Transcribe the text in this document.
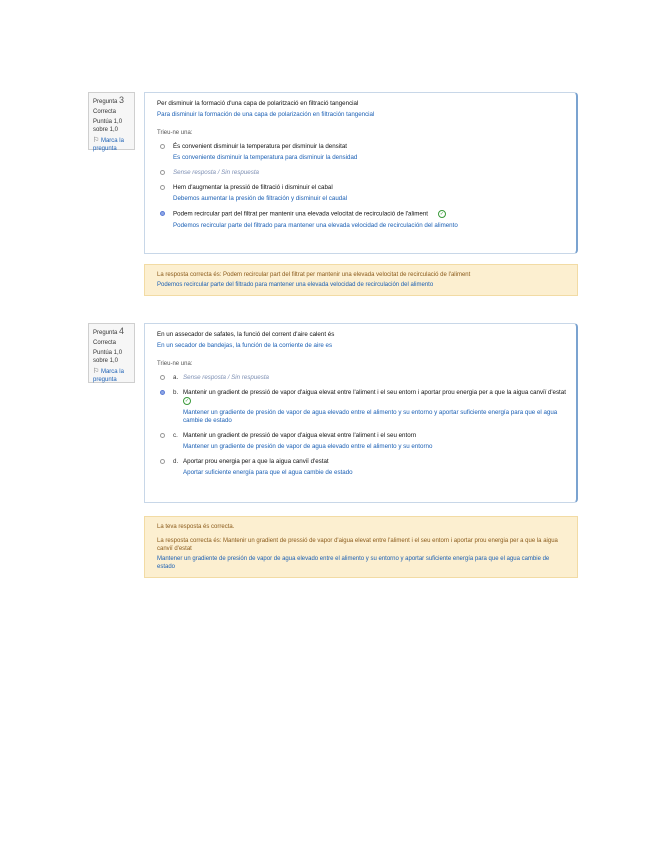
Pregunta 3
Correcta
Puntúa 1,0 sobre 1,0
⚐ Marca la pregunta
Per disminuir la formació d'una capa de polarització en filtració tangencial
Para disminuir la formación de una capa de polarización en filtración tangencial
Trieu-ne una:
És convenient disminuir la temperatura per disminuir la densitat
Es conveniente disminuir la temperatura para disminuir la densidad
Sense resposta / Sin respuesta
Hem d'augmentar la pressió de filtració i disminuir el cabal
Debemos aumentar la presión de filtración y disminuir el caudal
Podem recircular part del filtrat per mantenir una elevada velocitat de recirculació de l'aliment ✓
Podemos recircular parte del filtrado para mantener una elevada velocidad de recirculación del alimento
La resposta correcta és: Podem recircular part del filtrat per mantenir una elevada velocitat de recirculació de l'aliment
Podemos recircular parte del filtrado para mantener una elevada velocidad de recirculación del alimento
Pregunta 4
Correcta
Puntúa 1,0 sobre 1,0
⚐ Marca la pregunta
En un assecador de safates, la funció del corrent d'aire calent és
En un secador de bandejas, la función de la corriente de aire es
Trieu-ne una:
a. Sense resposta / Sin respuesta
b. Mantenir un gradient de pressió de vapor d'aigua elevat entre l'aliment i el seu entorn i aportar prou energia per a que la aigua canviï d'estat✓
Mantener un gradiente de presión de vapor de agua elevado entre el alimento y su entorno y aportar suficiente energía para que el agua cambie de estado
c. Mantenir un gradient de pressió de vapor d'aigua elevat entre l'aliment i el seu entorn
Mantener un gradiente de presión de vapor de agua elevado entre el alimento y su entorno
d. Aportar prou energia per a que la aigua canviï d'estat
Aportar suficiente energía para que el agua cambie de estado
La teva resposta és correcta.
La resposta correcta és: Mantenir un gradient de pressió de vapor d'aigua elevat entre l'aliment i el seu entorn i aportar prou energia per a que la aigua canviï d'estat
Mantener un gradiente de presión de vapor de agua elevado entre el alimento y su entorno y aportar suficiente energía para que el agua cambie de estado
